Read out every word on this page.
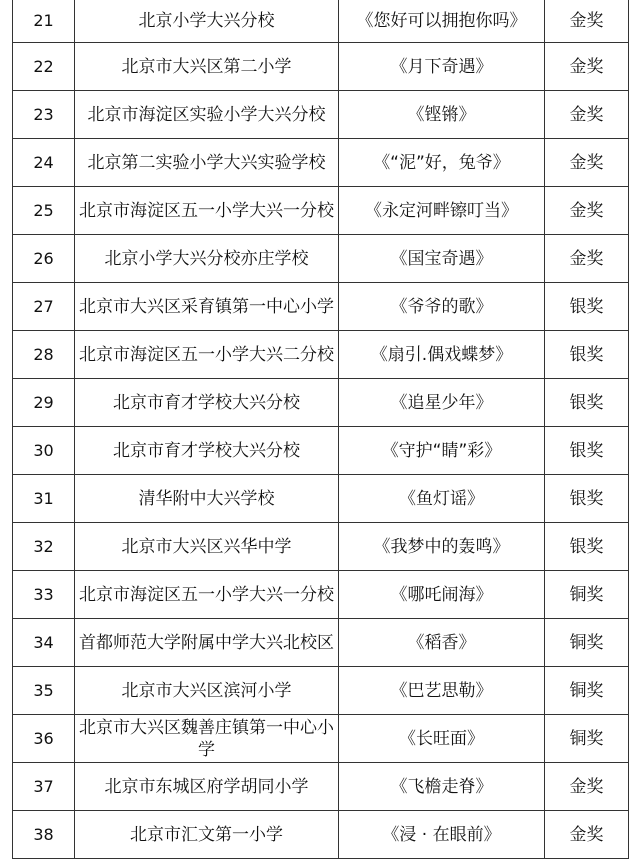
21	北京小学大兴分校	《您好可以拥抱你吗》	金奖
22	北京市大兴区第二小学	《月下奇遇》	金奖
23	北京市海淀区实验小学大兴分校	《铿锵》	金奖
24	北京第二实验小学大兴实验学校	《“泥”好，兔爷》	金奖
25	北京市海淀区五一小学大兴一分校	《永定河畔镲叮当》	金奖
26	北京小学大兴分校亦庄学校	《国宝奇遇》	金奖
27	北京市大兴区采育镇第一中心小学	《爷爷的歌》	银奖
28	北京市海淀区五一小学大兴二分校	《扇引.偶戏蝶梦》	银奖
29	北京市育才学校大兴分校	《追星少年》	银奖
30	北京市育才学校大兴分校	《守护“睛”彩》	银奖
31	清华附中大兴学校	《鱼灯谣》	银奖
32	北京市大兴区兴华中学	《我梦中的轰鸣》	银奖
33	北京市海淀区五一小学大兴一分校	《哪吒闹海》	铜奖
34	首都师范大学附属中学大兴北校区	《稻香》	铜奖
35	北京市大兴区滨河小学	《巴艺思勒》	铜奖
36	北京市大兴区魏善庄镇第一中心小学	《长旺面》	铜奖
37	北京市东城区府学胡同小学	《飞檐走脊》	金奖
38	北京市汇文第一小学	《浸 · 在眼前》	金奖
